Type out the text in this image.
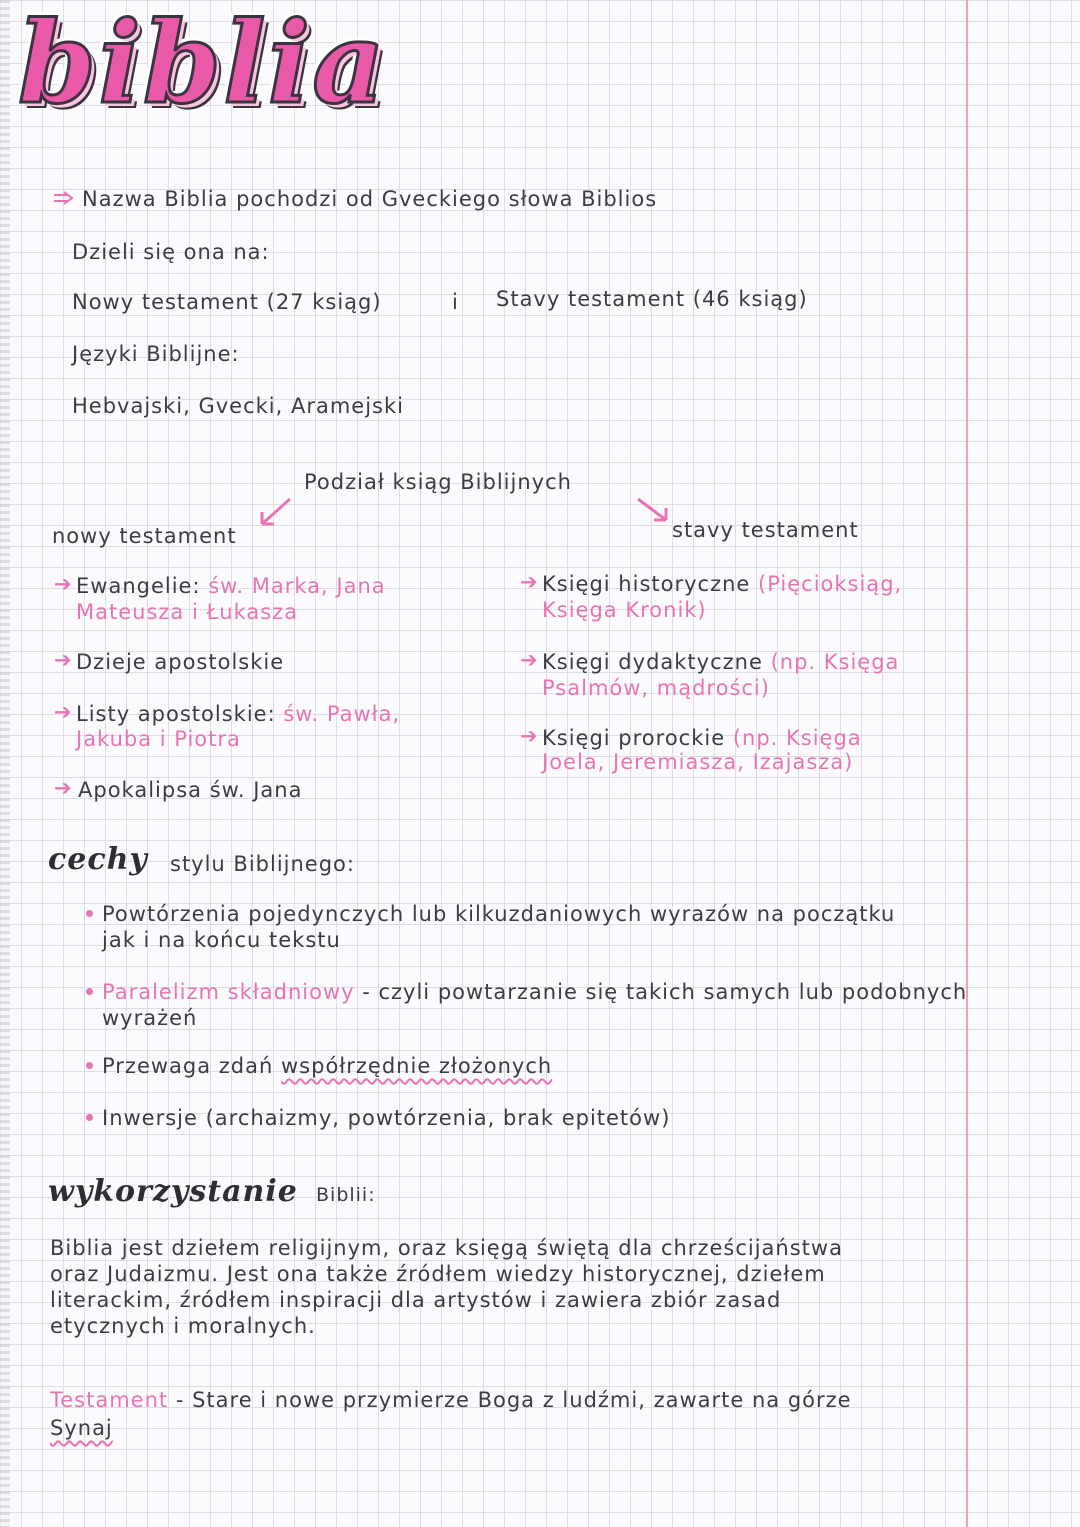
biblia
Nazwa Biblia pochodzi od Gveckiego słowa Biblios
Dzieli się ona na:
Nowy testament (27 ksiąg)	i Stavy testament (46 ksiąg)
Języki Biblijne:
Hebvajski, Gvecki, Aramejski
Podział ksiąg Biblijnych
nowy testament	stavy testament
➔ Ewangelie: św. Marka, Jana
Mateusza i Łukasza
➔ Dzieje apostolskie
➔ Listy apostolskie: św. Pawła,
Jakuba i Piotra
➔ Apokalipsa św. Jana
➔ Księgi historyczne (Pięcioksiąg,
Księga Kronik)
➔ Księgi dydaktyczne (np. Księga
Psalmów, mądrości)
➔ Księgi prorockie (np. Księga
Joela, Jeremiasza, Izajasza)
cechy stylu Biblijnego:
Powtórzenia pojedynczych lub kilkuzdaniowych wyrazów na początku
jak i na końcu tekstu
Paralelizm składniowy - czyli powtarzanie się takich samych lub podobnych
wyrażeń
Przewaga zdań współrzędnie złożonych
Inwersje (archaizmy, powtórzenia, brak epitetów)
wykorzystanie Biblii:
Biblia jest dziełem religijnym, oraz księgą świętą dla chrześcijaństwa
oraz Judaizmu. Jest ona także źródłem wiedzy historycznej, dziełem
literackim, źródłem inspiracji dla artystów i zawiera zbiór zasad
etycznych i moralnych.
Testament - Stare i nowe przymierze Boga z ludźmi, zawarte na górze
Synaj
